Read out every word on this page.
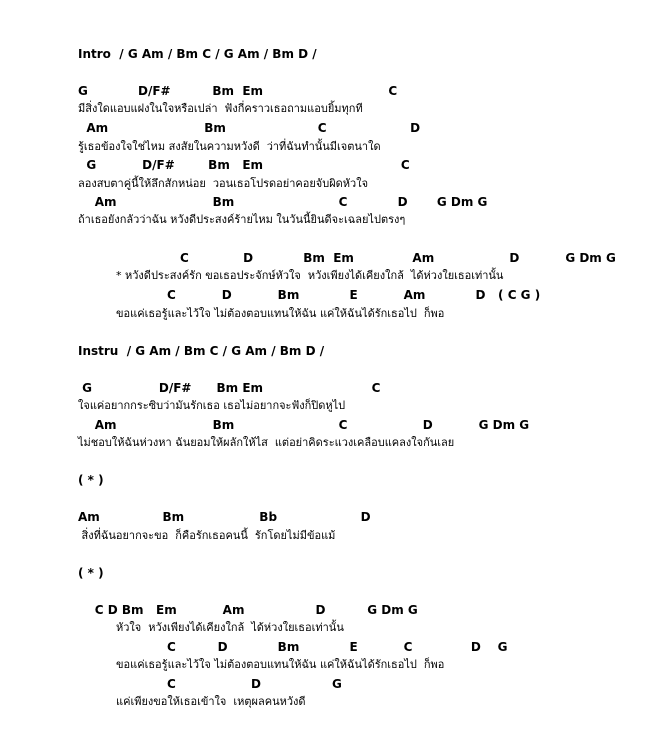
Intro  / G Am / Bm C / G Am / Bm D /
G            D/F#          Bm  Em                              C
มีสิ่งใดแอบแฝงในใจหรือเปล่า  ฟังกี่คราวเธอถามแอบยิ้มทุกที
Am                       Bm                      C                    D
รู้เธอข้องใจใช่ไหม สงสัยในความหวังดี  ว่าที่ฉันทำนั้นมีเจตนาใด
G           D/F#        Bm   Em                                 C
ลองสบตาคู่นี้ให้ลึกสักหน่อย  วอนเธอโปรดอย่าคอยจับผิดหัวใจ
Am                       Bm                         C            D       G Dm G
ถ้าเธอยังกลัวว่าฉัน หวังดีประสงค์ร้ายไหม ในวันนี้ยินดีจะเฉลยไปตรงๆ
C             D            Bm  Em              Am                  D           G Dm G
* หวังดีประสงค์รัก ขอเธอประจักษ์หัวใจ  หวังเพียงได้เคียงใกล้  ได้ห่วงใยเธอเท่านั้น
C           D           Bm            E           Am            D   ( C G )
ขอแค่เธอรู้และไว้ใจ ไม่ต้องตอบแทนให้ฉัน แค่ให้ฉันได้รักเธอไป  ก็พอ
Instru  / G Am / Bm C / G Am / Bm D /
G                D/F#      Bm Em                          C
ใจแค่อยากกระซิบว่ามันรักเธอ เธอไม่อยากจะฟังก็ปิดหูไป
Am                       Bm                         C                  D           G Dm G
ไม่ชอบให้ฉันห่วงหา ฉันยอมให้ผลักให้ไส  แต่อย่าคิดระแวงเคลือบแคลงใจกันเลย
( * )
Am               Bm                  Bb                    D
สิ่งที่ฉันอยากจะขอ  ก็คือรักเธอคนนี้  รักโดยไม่มีข้อแม้
( * )
C D Bm   Em           Am                 D          G Dm G
หัวใจ  หวังเพียงได้เคียงใกล้  ได้ห่วงใยเธอเท่านั้น
C          D            Bm            E           C              D    G
ขอแค่เธอรู้และไว้ใจ ไม่ต้องตอบแทนให้ฉัน แค่ให้ฉันได้รักเธอไป  ก็พอ
C                  D                 G
แค่เพียงขอให้เธอเข้าใจ  เหตุผลคนหวังดี
